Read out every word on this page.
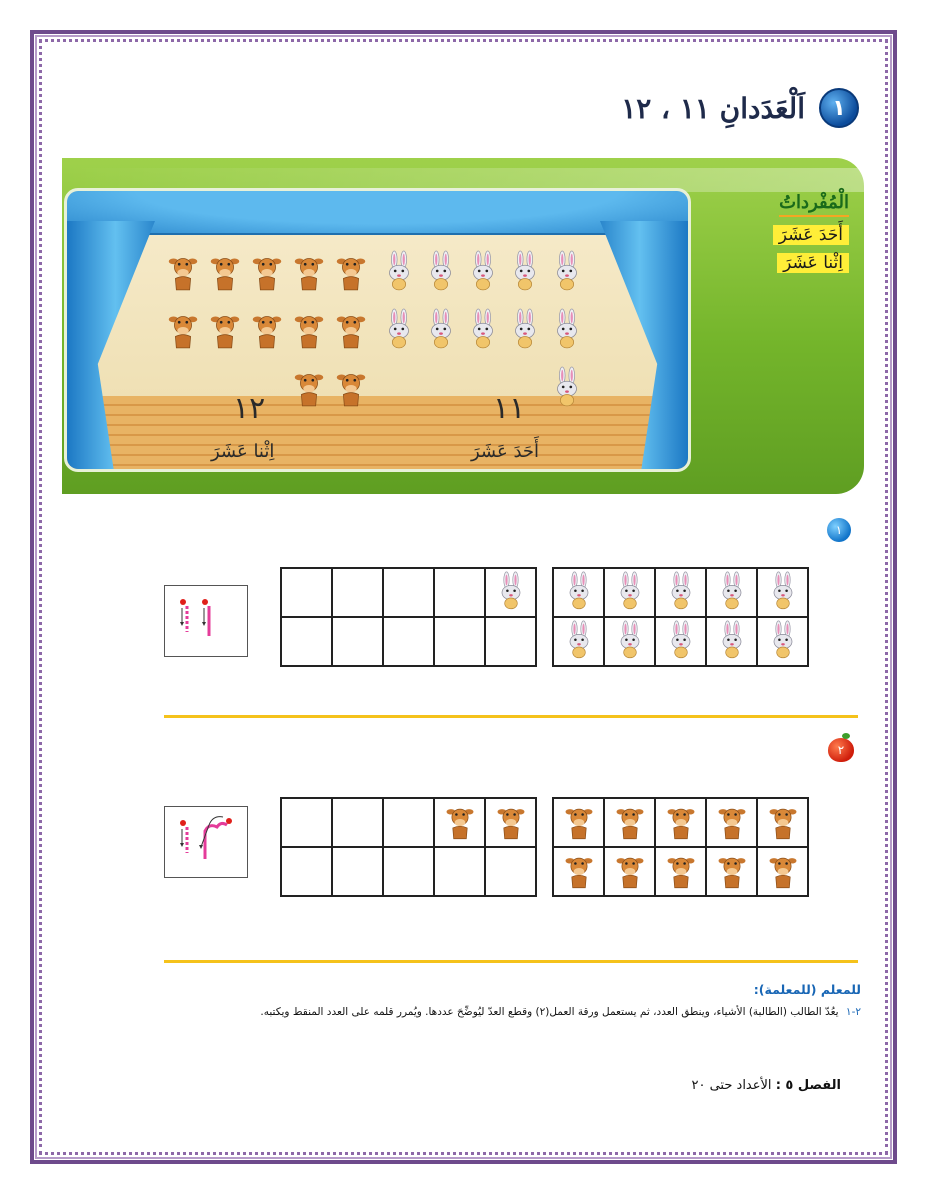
١
اَلْعَدَدانِ ١١ ، ١٢
١١
أَحَدَ عَشَرَ
١٢
اِثْنا عَشَرَ
الْمُفْرداتُ
أَحَدَ عَشَرَ
اِثْنا عَشَرَ
١
٢
للمعلم (للمعلمة):
٢-١ يعُدّ الطالب (الطالبة) الأشياء، وينطق العدد، ثم يستعمل ورقة العمل(٢) وقطع العدّ ليُوضِّحَ عددها. ويُمرر قلمه على العدد المنقط ويكتبه.
الفصل ٥ : الأعداد حتى ٢٠
